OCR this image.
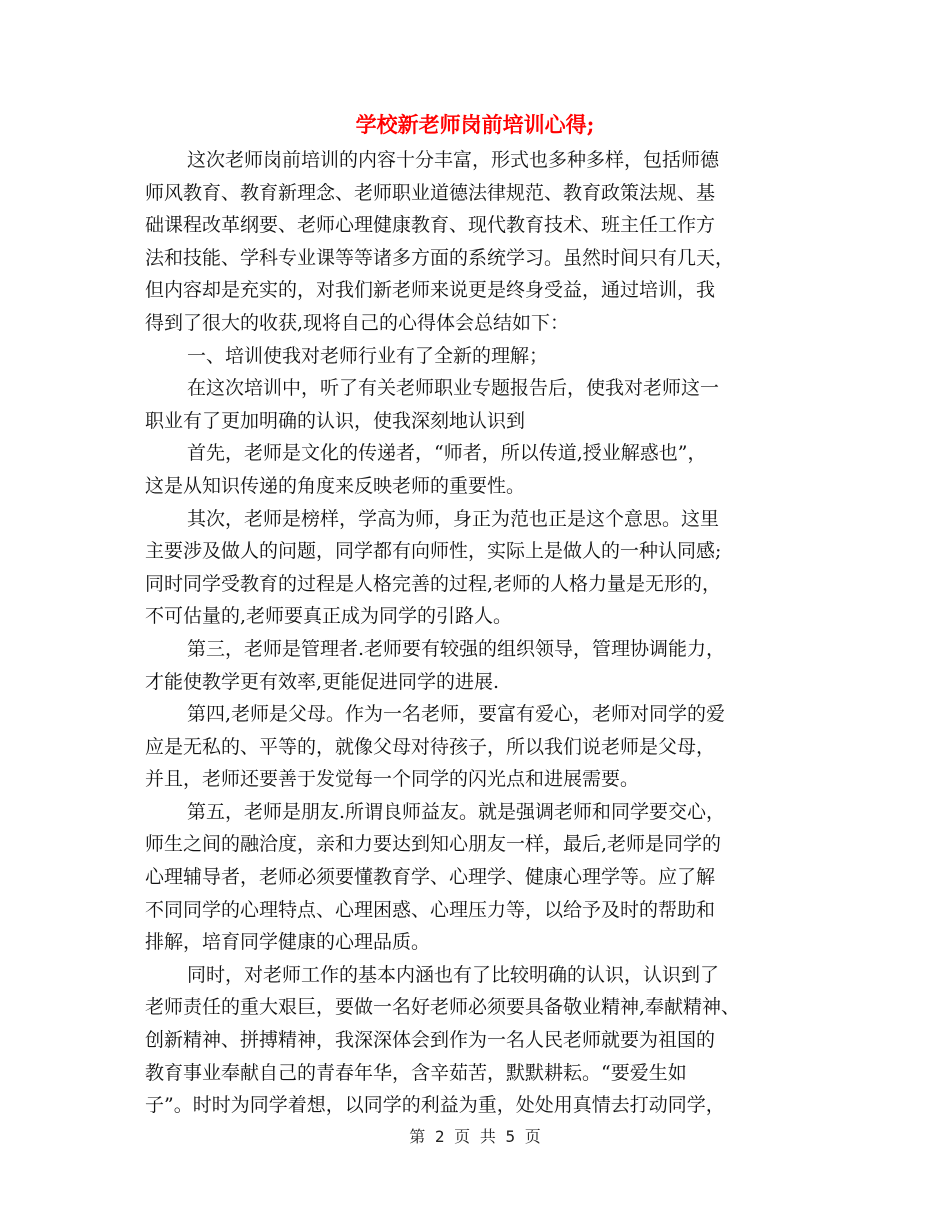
学校新老师岗前培训心得;
这次老师岗前培训的内容十分丰富，形式也多种多样，包括师德
师风教育、教育新理念、老师职业道德法律规范、教育政策法规、基
础课程改革纲要、老师心理健康教育、现代教育技术、班主任工作方
法和技能、学科专业课等等诸多方面的系统学习。虽然时间只有几天，
但内容却是充实的，对我们新老师来说更是终身受益，通过培训，我
得到了很大的收获,现将自己的心得体会总结如下：
一、培训使我对老师行业有了全新的理解；
在这次培训中，听了有关老师职业专题报告后，使我对老师这一
职业有了更加明确的认识，使我深刻地认识到
首先，老师是文化的传递者，“师者，所以传道,授业解惑也”，
这是从知识传递的角度来反映老师的重要性。
其次，老师是榜样，学高为师，身正为范也正是这个意思。这里
主要涉及做人的问题，同学都有向师性，实际上是做人的一种认同感;
同时同学受教育的过程是人格完善的过程,老师的人格力量是无形的，
不可估量的,老师要真正成为同学的引路人。
第三，老师是管理者.老师要有较强的组织领导，管理协调能力，
才能使教学更有效率,更能促进同学的进展.
第四,老师是父母。作为一名老师，要富有爱心，老师对同学的爱
应是无私的、平等的，就像父母对待孩子，所以我们说老师是父母，
并且，老师还要善于发觉每一个同学的闪光点和进展需要。
第五，老师是朋友.所谓良师益友。就是强调老师和同学要交心，
师生之间的融洽度，亲和力要达到知心朋友一样，最后,老师是同学的
心理辅导者，老师必须要懂教育学、心理学、健康心理学等。应了解
不同同学的心理特点、心理困惑、心理压力等，以给予及时的帮助和
排解，培育同学健康的心理品质。
同时，对老师工作的基本内涵也有了比较明确的认识，认识到了
老师责任的重大艰巨，要做一名好老师必须要具备敬业精神,奉献精神、
创新精神、拼搏精神，我深深体会到作为一名人民老师就要为祖国的
教育事业奉献自己的青春年华，含辛茹苦，默默耕耘。“要爱生如
子”。时时为同学着想，以同学的利益为重，处处用真情去打动同学，
第 2 页 共 5 页
